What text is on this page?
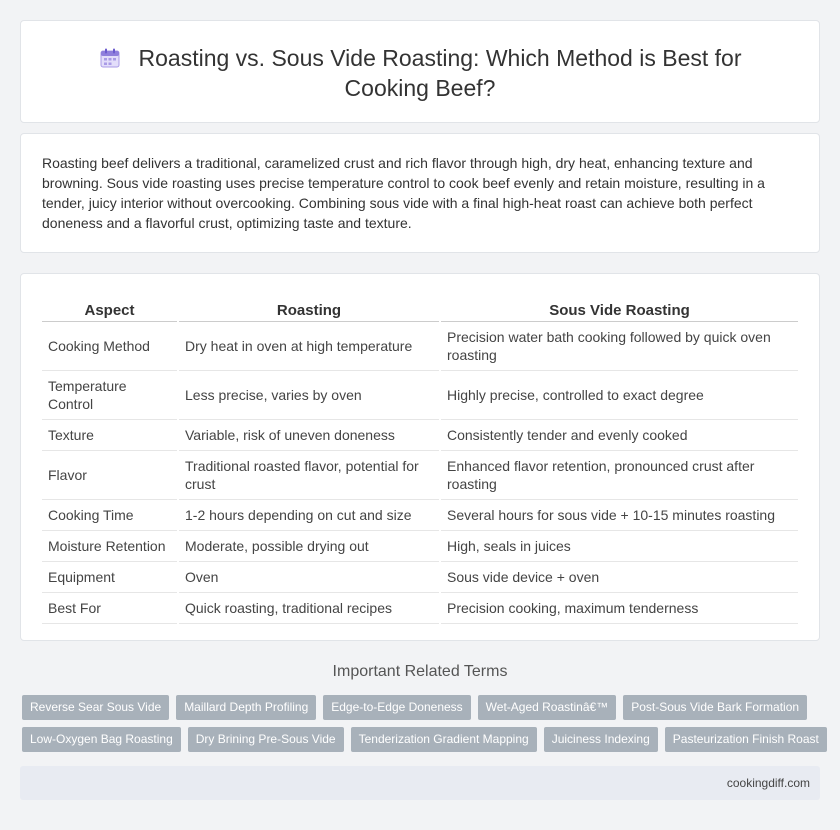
Roasting vs. Sous Vide Roasting: Which Method is Best for Cooking Beef?

Roasting beef delivers a traditional, caramelized crust and rich flavor through high, dry heat, enhancing texture and browning. Sous vide roasting uses precise temperature control to cook beef evenly and retain moisture, resulting in a tender, juicy interior without overcooking. Combining sous vide with a final high-heat roast can achieve both perfect doneness and a flavorful crust, optimizing taste and texture.

Aspect	Roasting	Sous Vide Roasting
Cooking Method	Dry heat in oven at high temperature	Precision water bath cooking followed by quick oven roasting
Temperature Control	Less precise, varies by oven	Highly precise, controlled to exact degree
Texture	Variable, risk of uneven doneness	Consistently tender and evenly cooked
Flavor	Traditional roasted flavor, potential for crust	Enhanced flavor retention, pronounced crust after roasting
Cooking Time	1-2 hours depending on cut and size	Several hours for sous vide + 10-15 minutes roasting
Moisture Retention	Moderate, possible drying out	High, seals in juices
Equipment	Oven	Sous vide device + oven
Best For	Quick roasting, traditional recipes	Precision cooking, maximum tenderness
Important Related Terms
Reverse Sear Sous Vide	Maillard Depth Profiling	Edge-to-Edge Doneness	Wet-Aged Roastinâ€™	Post-Sous Vide Bark Formation
Low-Oxygen Bag Roasting	Dry Brining Pre-Sous Vide	Tenderization Gradient Mapping	Juiciness Indexing	Pasteurization Finish Roast
cookingdiff.com
